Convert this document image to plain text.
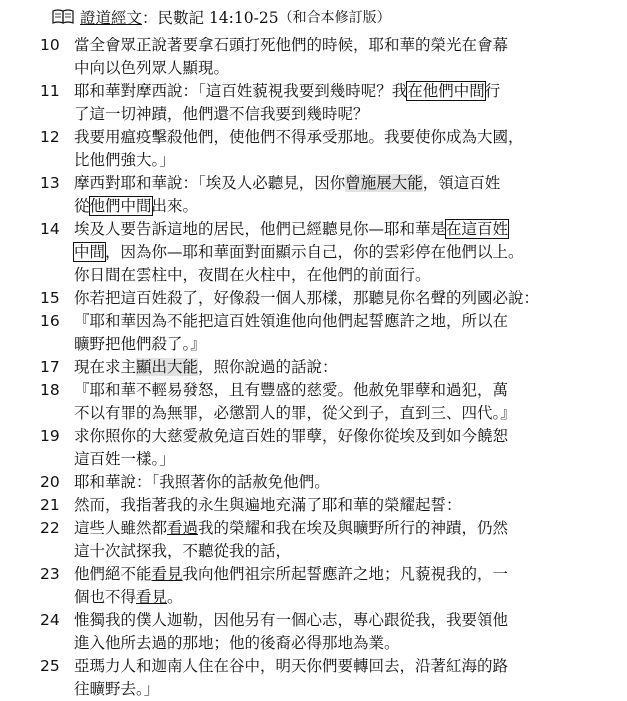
證道經文 ：民數記 14:10-25 （和合本修訂版）
10 當全會眾正說著要拿石頭打死他們的時候，耶和華的榮光在會幕
中向以色列眾人顯現。
11 耶和華對摩西說：「這百姓藐視我要到幾時呢？我在他們中間行
了這一切神蹟，他們還不信我要到幾時呢？
12 我要用瘟疫擊殺他們，使他們不得承受那地。我要使你成為大國，
比他們強大。」
13 摩西對耶和華說：「埃及人必聽見，因你曾施展大能，領這百姓
從他們中間出來。
14 埃及人要告訴這地的居民，他們已經聽見你—耶和華是在這百姓
中間，因為你—耶和華面對面顯示自己，你的雲彩停在他們以上。
你日間在雲柱中，夜間在火柱中，在他們的前面行。
15 你若把這百姓殺了，好像殺一個人那樣，那聽見你名聲的列國必說：
16 『耶和華因為不能把這百姓領進他向他們起誓應許之地，所以在
曠野把他們殺了。』
17 現在求主顯出大能，照你說過的話說：
18 『耶和華不輕易發怒，且有豐盛的慈愛。他赦免罪孽和過犯，萬
不以有罪的為無罪，必懲罰人的罪，從父到子，直到三、四代。』
19 求你照你的大慈愛赦免這百姓的罪孽，好像你從埃及到如今饒恕
這百姓一樣。」
20 耶和華說：「我照著你的話赦免他們。
21 然而，我指著我的永生與遍地充滿了耶和華的榮耀起誓：
22 這些人雖然都看過我的榮耀和我在埃及與曠野所行的神蹟，仍然
這十次試探我，不聽從我的話，
23 他們絕不能看見我向他們祖宗所起誓應許之地；凡藐視我的，一
個也不得看見。
24 惟獨我的僕人迦勒，因他另有一個心志，專心跟從我，我要領他
進入他所去過的那地；他的後裔必得那地為業。
25 亞瑪力人和迦南人住在谷中，明天你們要轉回去，沿著紅海的路
往曠野去。」
